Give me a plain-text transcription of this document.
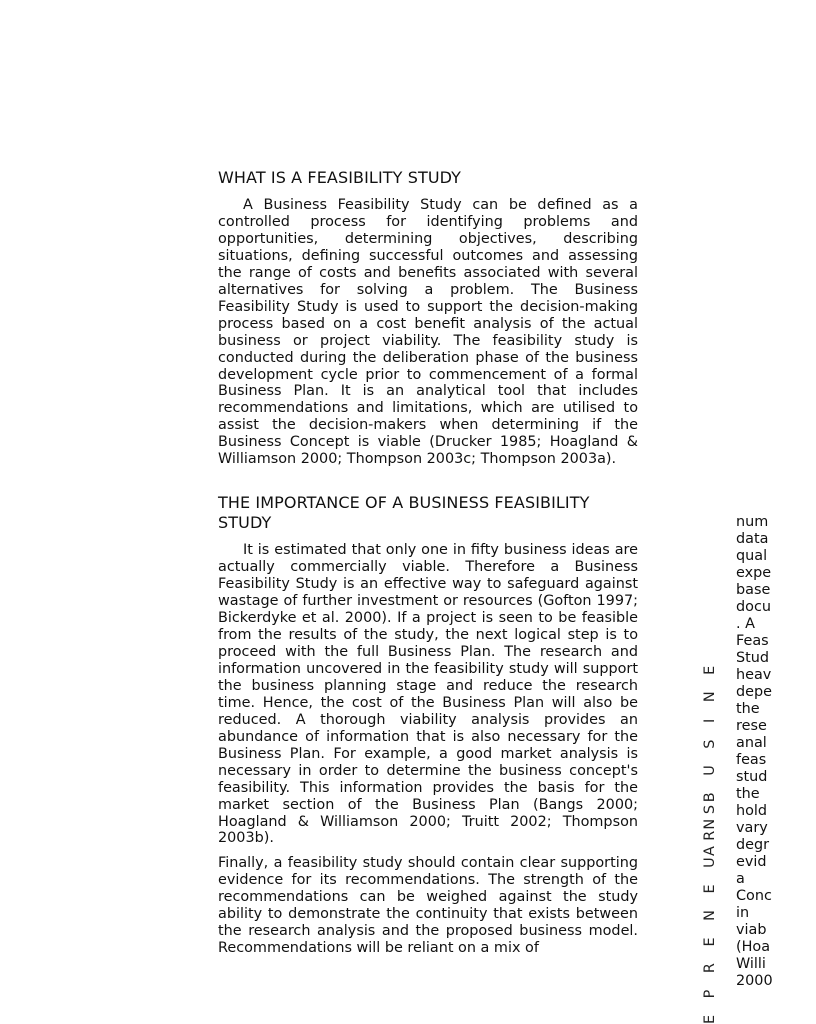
WHAT IS A FEASIBILITY STUDY

A Business Feasibility Study can be defined as a controlled process for identifying problems and opportunities, determining objectives, describing situations, defining successful outcomes and assessing the range of costs and benefits associated with several alternatives for solving a problem. The Business Feasibility Study is used to support the decision-making process based on a cost benefit analysis of the actual business or project viability. The feasibility study is conducted during the deliberation phase of the business development cycle prior to commencement of a formal Business Plan. It is an analytical tool that includes recommendations and limitations, which are utilised to assist the decision-makers when determining if the Business Concept is viable (Drucker 1985; Hoagland & Williamson 2000; Thompson 2003c; Thompson 2003a).

THE IMPORTANCE OF A BUSINESS FEASIBILITY STUDY

It is estimated that only one in fifty business ideas are actually commercially viable. Therefore a Business Feasibility Study is an effective way to safeguard against wastage of further investment or resources (Gofton 1997; Bickerdyke et al. 2000). If a project is seen to be feasible from the results of the study, the next logical step is to proceed with the full Business Plan. The research and information uncovered in the feasibility study will support the business planning stage and reduce the research time. Hence, the cost of the Business Plan will also be reduced. A thorough viability analysis provides an abundance of information that is also necessary for the Business Plan. For example, a good market analysis is necessary in order to determine the business concept's feasibility. This information provides the basis for the market section of the Business Plan (Bangs 2000; Hoagland & Williamson 2000; Truitt 2002; Thompson 2003b).

Finally, a feasibility study should contain clear supporting evidence for its recommendations. The strength of the recommendations can be weighed against the study ability to demonstrate the continuity that exists between the research analysis and the proposed business model. Recommendations will be reliant on a mix of

A N B U S I N E
E P R E N E U R S
num
data
qual
expe
base
docu
. A
Feas
Stud
heav
depe
the
rese
anal
feas
stud
the
hold
vary
degr
evid
a
Conc
in
viab
(Hoa
Willi
2000
